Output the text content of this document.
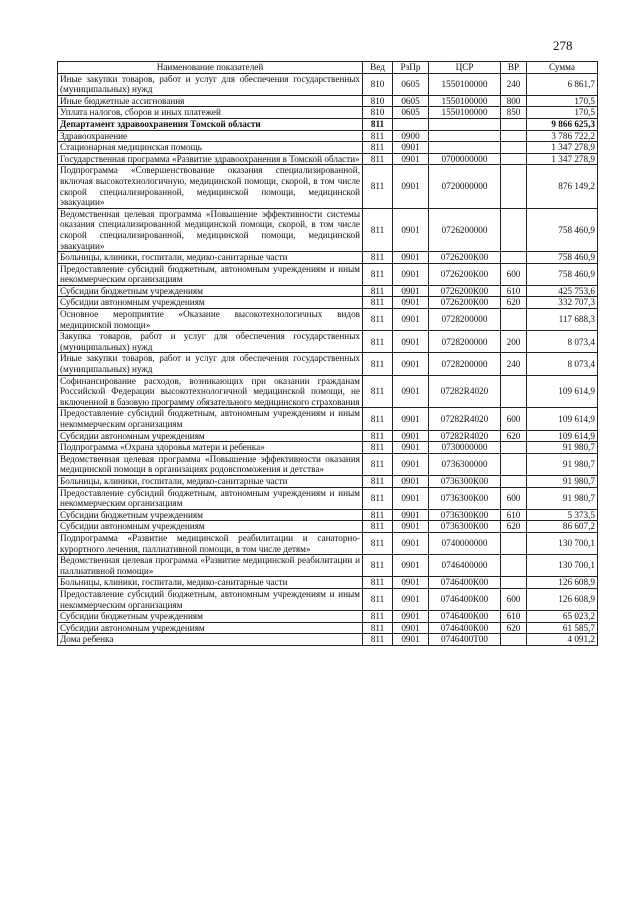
278
Наименование показателей	Вед	РзПр	ЦСР	ВР	Сумма
Иные закупки товаров, работ и услуг для обеспечения государственных (муниципальных) нужд	810	0605	1550100000	240	6 861,7
Иные бюджетные ассигнования	810	0605	1550100000	800	170,5
Уплата налогов, сборов и иных платежей	810	0605	1550100000	850	170,5
Департамент здравоохранения Томской области	811				9 866 625,3
Здравоохранение	811	0900			3 786 722,2
Стационарная медицинская помощь	811	0901			1 347 278,9
Государственная программа «Развитие здравоохранения в Томской области»	811	0901	0700000000		1 347 278,9
Подпрограмма «Совершенствование оказания специализированной, включая высокотехнологичную, медицинской помощи, скорой, в том числе скорой специализированной, медицинской помощи, медицинской эвакуации»	811	0901	0720000000		876 149,2
Ведомственная целевая программа «Повышение эффективности системы оказания специализированной медицинской помощи, скорой, в том числе скорой специализированной, медицинской помощи, медицинской эвакуации»	811	0901	0726200000		758 460,9
Больницы, клиники, госпитали, медико-санитарные части	811	0901	0726200К00		758 460,9
Предоставление субсидий бюджетным, автономным учреждениям и иным некоммерческим организациям	811	0901	0726200К00	600	758 460,9
Субсидии бюджетным учреждениям	811	0901	0726200К00	610	425 753,6
Субсидии автономным учреждениям	811	0901	0726200К00	620	332 707,3
Основное мероприятие «Оказание высокотехнологичных видов медицинской помощи»	811	0901	0728200000		117 688,3
Закупка товаров, работ и услуг для обеспечения государственных (муниципальных) нужд	811	0901	0728200000	200	8 073,4
Иные закупки товаров, работ и услуг для обеспечения государственных (муниципальных) нужд	811	0901	0728200000	240	8 073,4
Софинансирование расходов, возникающих при оказании гражданам Российской Федерации высокотехнологичной медицинской помощи, не включенной в базовую программу обязательного медицинского страхования	811	0901	07282R4020		109 614,9
Предоставление субсидий бюджетным, автономным учреждениям и иным некоммерческим организациям	811	0901	07282R4020	600	109 614,9
Субсидии автономным учреждениям	811	0901	07282R4020	620	109 614,9
Подпрограмма «Охрана здоровья матери и ребенка»	811	0901	0730000000		91 980,7
Ведомственная целевая программа «Повышение эффективности оказания медицинской помощи в организациях родовспоможения и детства»	811	0901	0736300000		91 980,7
Больницы, клиники, госпитали, медико-санитарные части	811	0901	0736300К00		91 980,7
Предоставление субсидий бюджетным, автономным учреждениям и иным некоммерческим организациям	811	0901	0736300К00	600	91 980,7
Субсидии бюджетным учреждениям	811	0901	0736300К00	610	5 373,5
Субсидии автономным учреждениям	811	0901	0736300К00	620	86 607,2
Подпрограмма «Развитие медицинской реабилитации и санаторно-курортного лечения, паллиативной помощи, в том числе детям»	811	0901	0740000000		130 700,1
Ведомственная целевая программа «Развитие медицинской реабилитации и паллиативной помощи»	811	0901	0746400000		130 700,1
Больницы, клиники, госпитали, медико-санитарные части	811	0901	0746400К00		126 608,9
Предоставление субсидий бюджетным, автономным учреждениям и иным некоммерческим организациям	811	0901	0746400К00	600	126 608,9
Субсидии бюджетным учреждениям	811	0901	0746400К00	610	65 023,2
Субсидии автономным учреждениям	811	0901	0746400К00	620	61 585,7
Дома ребенка	811	0901	0746400Т00		4 091,2
